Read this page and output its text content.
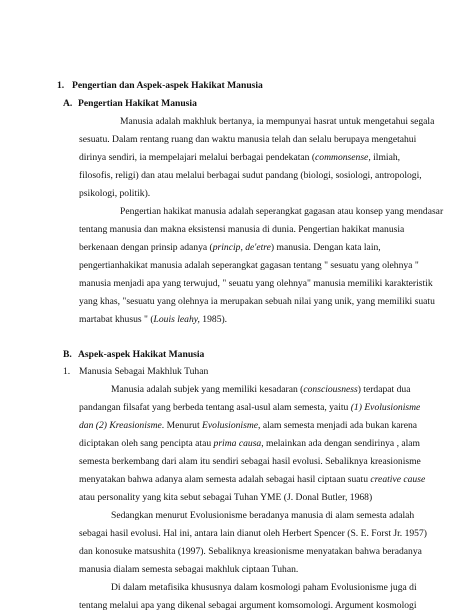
1. Pengertian dan Aspek-aspek Hakikat Manusia
A. Pengertian Hakikat Manusia
Manusia adalah makhluk bertanya, ia mempunyai hasrat untuk mengetahui segala
sesuatu. Dalam rentang ruang dan waktu manusia telah dan selalu berupaya mengetahui
dirinya sendiri, ia mempelajari melalui berbagai pendekatan (commonsense, ilmiah,
filosofis, religi) dan atau melalui berbagai sudut pandang (biologi, sosiologi, antropologi,
psikologi, politik).
Pengertian hakikat manusia adalah seperangkat gagasan atau konsep yang mendasar
tentang manusia dan makna eksistensi manusia di dunia. Pengertian hakikat manusia
berkenaan dengan prinsip adanya (princip, de'etre) manusia. Dengan kata lain,
pengertianhakikat manusia adalah seperangkat gagasan tentang " sesuatu yang olehnya "
manusia menjadi apa yang terwujud, " seuatu yang olehnya" manusia memiliki karakteristik
yang khas, "sesuatu yang olehnya ia merupakan sebuah nilai yang unik, yang memiliki suatu
martabat khusus " (Louis leahy, 1985).
B. Aspek-aspek Hakikat Manusia
1. Manusia Sebagai Makhluk Tuhan
Manusia adalah subjek yang memiliki kesadaran (consciousness) terdapat dua
pandangan filsafat yang berbeda tentang asal-usul alam semesta, yaitu (1) Evolusionisme
dan (2) Kreasionisme. Menurut Evolusionisme, alam semesta menjadi ada bukan karena
diciptakan oleh sang pencipta atau prima causa, melainkan ada dengan sendirinya , alam
semesta berkembang dari alam itu sendiri sebagai hasil evolusi. Sebaliknya kreasionisme
menyatakan bahwa adanya alam semesta adalah sebagai hasil ciptaan suatu creative cause
atau personality yang kita sebut sebagai Tuhan YME (J. Donal Butler, 1968)
Sedangkan menurut Evolusionisme beradanya manusia di alam semesta adalah
sebagai hasil evolusi. Hal ini, antara lain dianut oleh Herbert Spencer (S. E. Forst Jr. 1957)
dan konosuke matsushita (1997). Sebaliknya kreasionisme menyatakan bahwa beradanya
manusia dialam semesta sebagai makhluk ciptaan Tuhan.
Di dalam metafisika khususnya dalam kosmologi paham Evolusionisme juga di
tentang melalui apa yang dikenal sebagai argument komsomologi. Argument kosmologi
